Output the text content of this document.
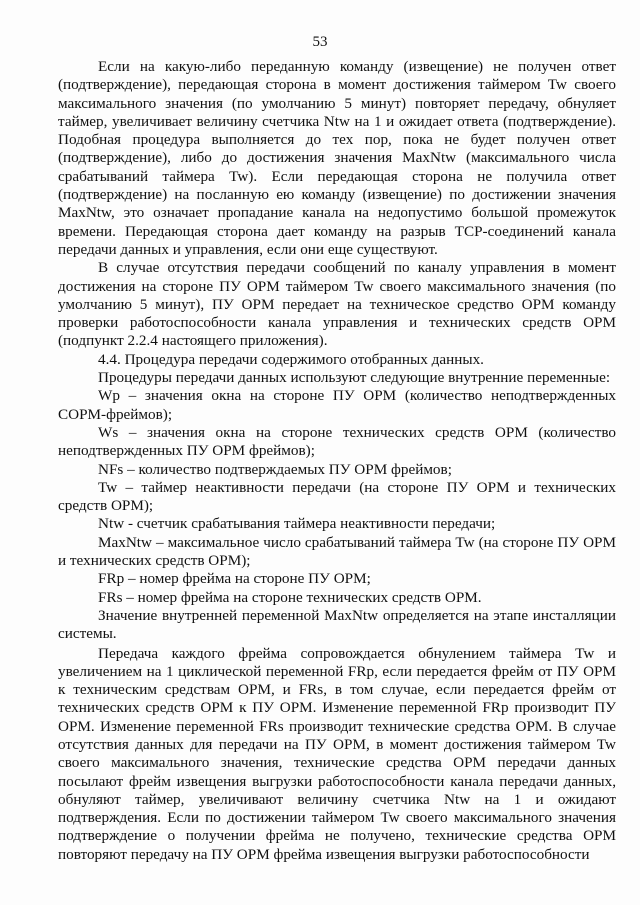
53

Если на какую-либо переданную команду (извещение) не получен ответ (подтверждение), передающая сторона в момент достижения таймером Tw своего максимального значения (по умолчанию 5 минут) повторяет передачу, обнуляет таймер, увеличивает величину счетчика Ntw на 1 и ожидает ответа (подтверждение). Подобная процедура выполняется до тех пор, пока не будет получен ответ (подтверждение), либо до достижения значения MaxNtw (максимального числа срабатываний таймера Tw). Если передающая сторона не получила ответ (подтверждение) на посланную ею команду (извещение) по достижении значения MaxNtw, это означает пропадание канала на недопустимо большой промежуток времени. Передающая сторона дает команду на разрыв TCP-соединений канала передачи данных и управления, если они еще существуют.

В случае отсутствия передачи сообщений по каналу управления в момент достижения на стороне ПУ ОРМ таймером Tw своего максимального значения (по умолчанию 5 минут), ПУ ОРМ передает на техническое средство ОРМ команду проверки работоспособности канала управления и технических средств ОРМ (подпункт 2.2.4 настоящего приложения).

4.4. Процедура передачи содержимого отобранных данных.

Процедуры передачи данных используют следующие внутренние переменные:

Wp – значения окна на стороне ПУ ОРМ (количество неподтвержденных СОРМ-фреймов);

Ws – значения окна на стороне технических средств ОРМ (количество неподтвержденных ПУ ОРМ фреймов);

NFs – количество подтверждаемых ПУ ОРМ фреймов;

Tw – таймер неактивности передачи (на стороне ПУ ОРМ и технических средств ОРМ);

Ntw - счетчик срабатывания таймера неактивности передачи;

MaxNtw – максимальное число срабатываний таймера Tw (на стороне ПУ ОРМ и технических средств ОРМ);

FRp – номер фрейма на стороне ПУ ОРМ;

FRs – номер фрейма на стороне технических средств ОРМ.

Значение внутренней переменной MaxNtw определяется на этапе инсталляции системы.

Передача каждого фрейма сопровождается обнулением таймера Tw и увеличением на 1 циклической переменной FRp, если передается фрейм от ПУ ОРМ к техническим средствам ОРМ, и FRs, в том случае, если передается фрейм от технических средств ОРМ к ПУ ОРМ. Изменение переменной FRp производит ПУ ОРМ. Изменение переменной FRs производит технические средства ОРМ. В случае отсутствия данных для передачи на ПУ ОРМ, в момент достижения таймером Tw своего максимального значения, технические средства ОРМ передачи данных посылают фрейм извещения выгрузки работоспособности канала передачи данных, обнуляют таймер, увеличивают величину счетчика Ntw на 1 и ожидают подтверждения. Если по достижении таймером Tw своего максимального значения подтверждение о получении фрейма не получено, технические средства ОРМ повторяют передачу на ПУ ОРМ фрейма извещения выгрузки работоспособности
